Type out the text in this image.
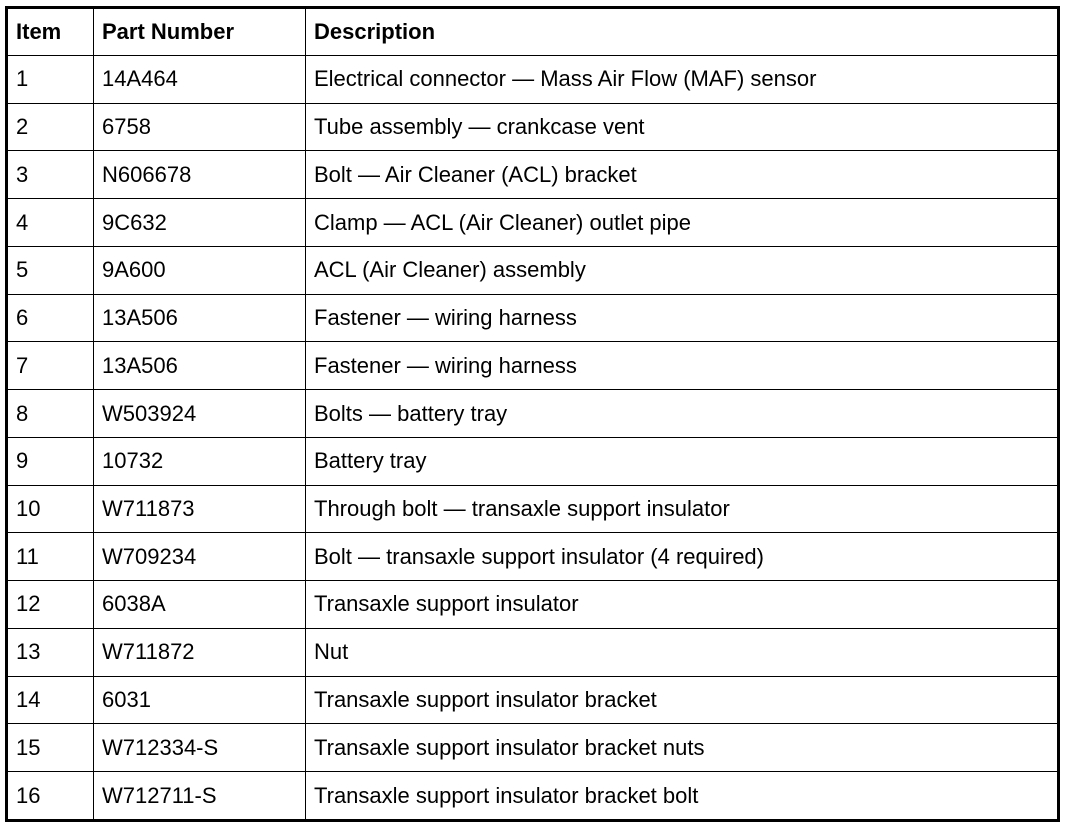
Item	Part Number	Description
1	14A464	Electrical connector — Mass Air Flow (MAF) sensor
2	6758	Tube assembly — crankcase vent
3	N606678	Bolt — Air Cleaner (ACL) bracket
4	9C632	Clamp — ACL (Air Cleaner) outlet pipe
5	9A600	ACL (Air Cleaner) assembly
6	13A506	Fastener — wiring harness
7	13A506	Fastener — wiring harness
8	W503924	Bolts — battery tray
9	10732	Battery tray
10	W711873	Through bolt — transaxle support insulator
11	W709234	Bolt — transaxle support insulator (4 required)
12	6038A	Transaxle support insulator
13	W711872	Nut
14	6031	Transaxle support insulator bracket
15	W712334-S	Transaxle support insulator bracket nuts
16	W712711-S	Transaxle support insulator bracket bolt
